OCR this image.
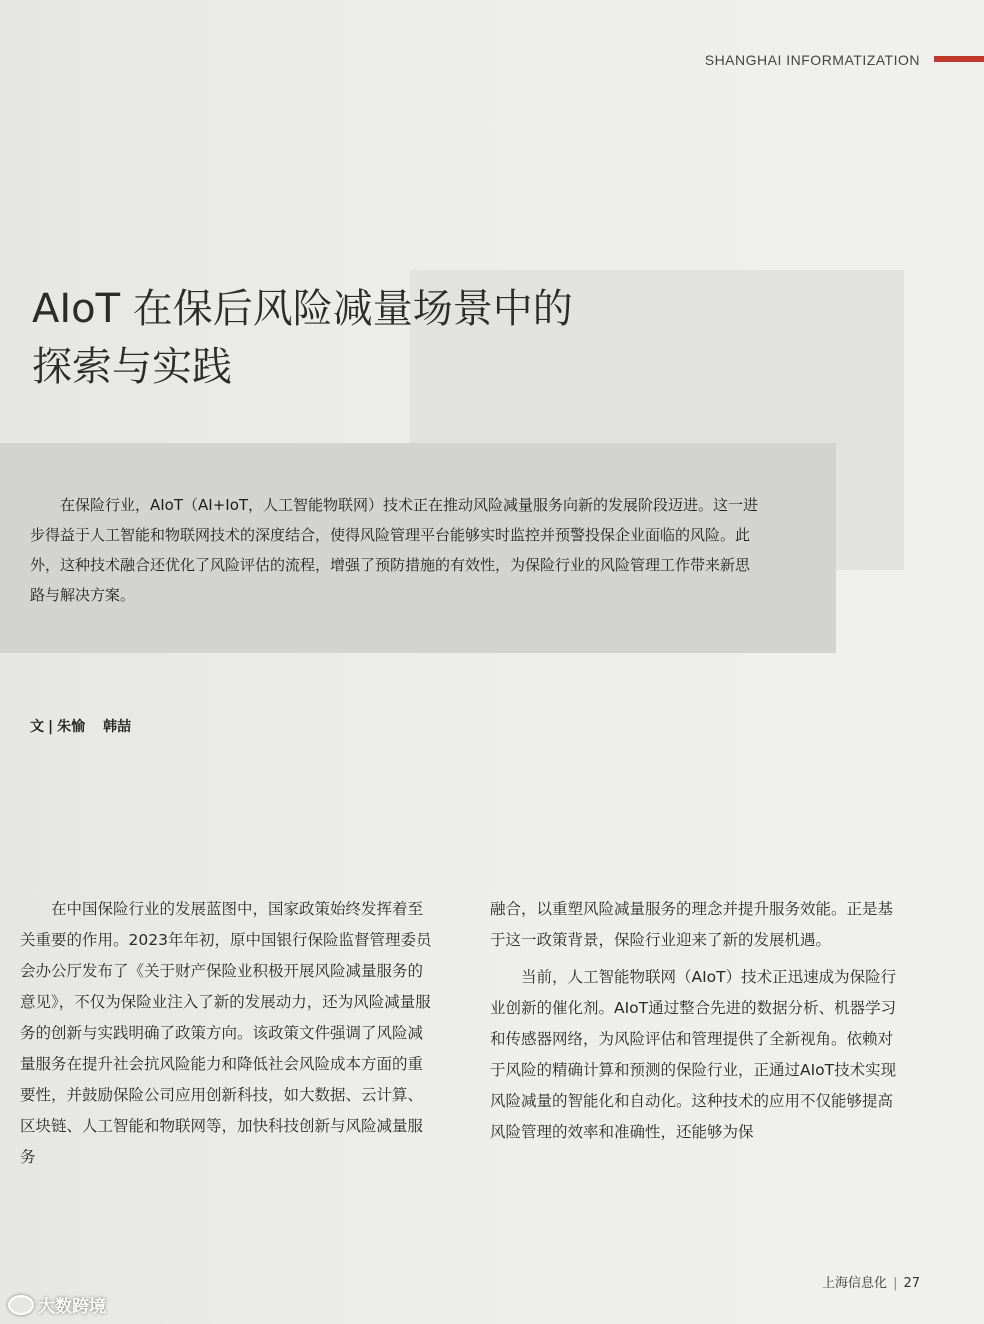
SHANGHAI INFORMATIZATION
AIoT 在保后风险减量场景中的
探索与实践

在保险行业，AIoT（AI+IoT，人工智能物联网）技术正在推动风险减量服务向新的发展阶段迈进。这一进步得益于人工智能和物联网技术的深度结合，使得风险管理平台能够实时监控并预警投保企业面临的风险。此外，这种技术融合还优化了风险评估的流程，增强了预防措施的有效性，为保险行业的风险管理工作带来新思路与解决方案。

文 | 朱愉 韩喆

在中国保险行业的发展蓝图中，国家政策始终发挥着至关重要的作用。2023年年初，原中国银行保险监督管理委员会办公厅发布了《关于财产保险业积极开展风险减量服务的意见》，不仅为保险业注入了新的发展动力，还为风险减量服务的创新与实践明确了政策方向。该政策文件强调了风险减量服务在提升社会抗风险能力和降低社会风险成本方面的重要性，并鼓励保险公司应用创新科技，如大数据、云计算、区块链、人工智能和物联网等，加快科技创新与风险减量服务

融合，以重塑风险减量服务的理念并提升服务效能。正是基于这一政策背景，保险行业迎来了新的发展机遇。

当前，人工智能物联网（AIoT）技术正迅速成为保险行业创新的催化剂。AIoT通过整合先进的数据分析、机器学习和传感器网络，为风险评估和管理提供了全新视角。依赖对于风险的精确计算和预测的保险行业，正通过AIoT技术实现风险减量的智能化和自动化。这种技术的应用不仅能够提高风险管理的效率和准确性，还能够为保

上海信息化 | 27
大数跨境
